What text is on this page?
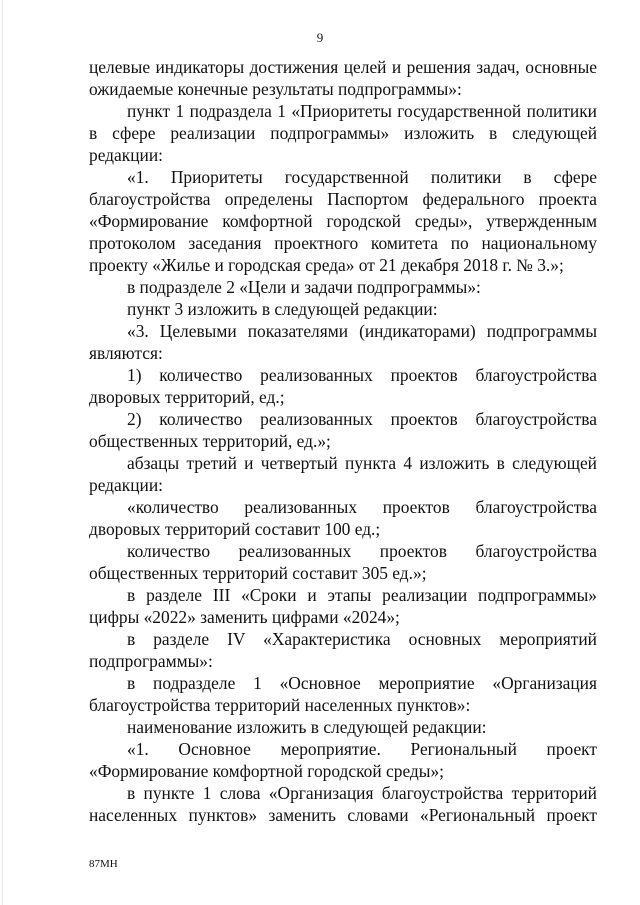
9

целевые индикаторы достижения целей и решения задач, основные ожидаемые конечные результаты подпрограммы»:

пункт 1 подраздела 1 «Приоритеты государственной политики в сфере реализации подпрограммы» изложить в следующей редакции:

«1. Приоритеты государственной политики в сфере благоустройства определены Паспортом федерального проекта «Формирование комфортной городской среды», утвержденным протоколом заседания проектного комитета по национальному проекту «Жилье и городская среда» от 21 декабря 2018 г. № 3.»;

в подразделе 2 «Цели и задачи подпрограммы»:

пункт 3 изложить в следующей редакции:

«3. Целевыми показателями (индикаторами) подпрограммы являются:

1) количество реализованных проектов благоустройства дворовых территорий, ед.;

2) количество реализованных проектов благоустройства общественных территорий, ед.»;

абзацы третий и четвертый пункта 4 изложить в следующей редакции:

«количество реализованных проектов благоустройства дворовых территорий составит 100 ед.;

количество реализованных проектов благоустройства общественных территорий составит 305 ед.»;

в разделе III «Сроки и этапы реализации подпрограммы» цифры «2022» заменить цифрами «2024»;

в разделе IV «Характеристика основных мероприятий подпрограммы»:

в подразделе 1 «Основное мероприятие «Организация благоустройства территорий населенных пунктов»:

наименование изложить в следующей редакции:

«1. Основное мероприятие. Региональный проект «Формирование комфортной городской среды»;

в пункте 1 слова «Организация благоустройства территорий населенных пунктов» заменить словами «Региональный проект

87МН
